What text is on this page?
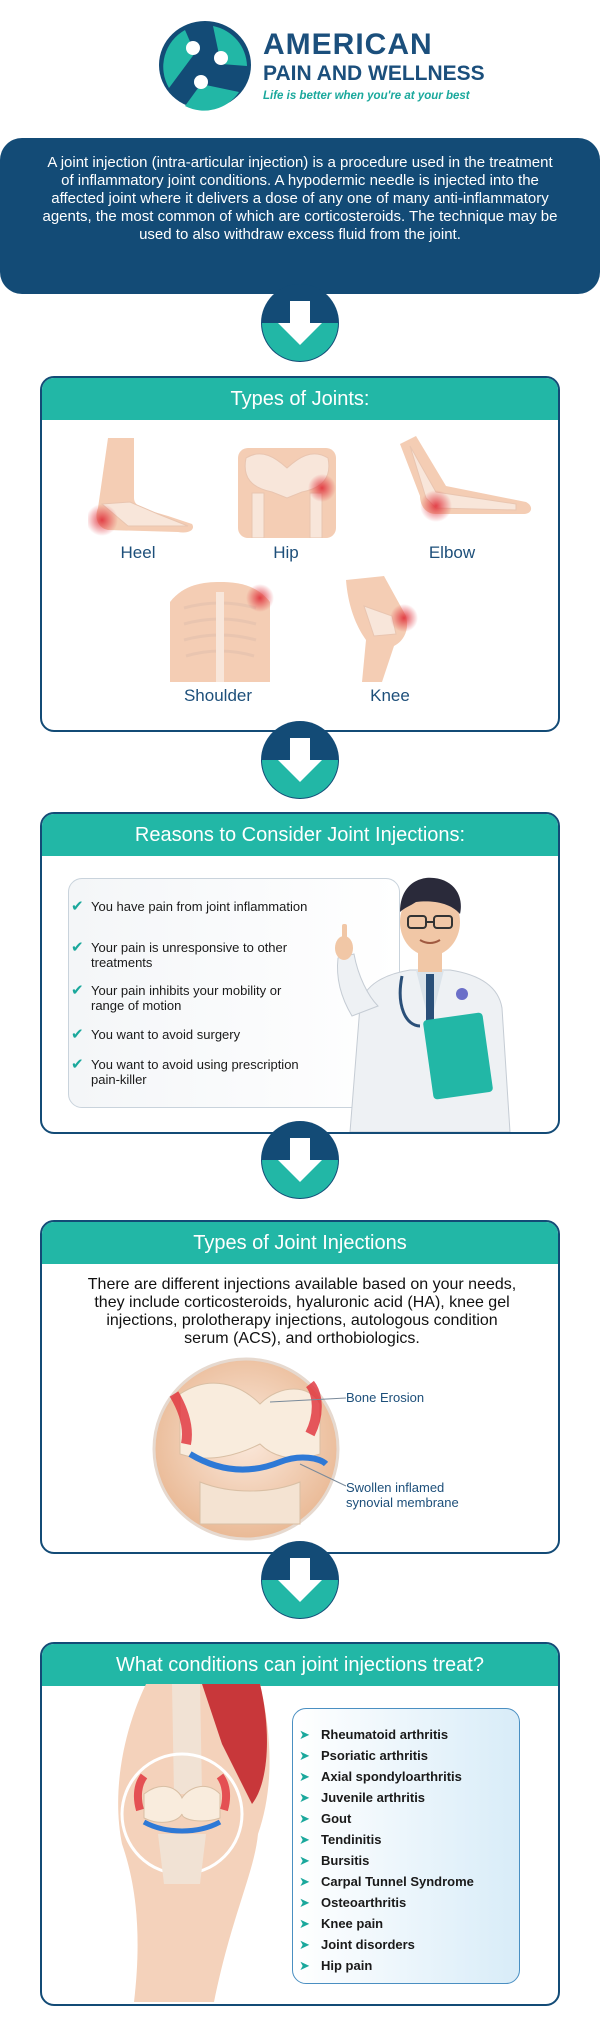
AMERICAN
PAIN AND WELLNESS
Life is better when you're at your best

A joint injection (intra-articular injection) is a procedure used in the treatment of inflammatory joint conditions. A hypodermic needle is injected into the affected joint where it delivers a dose of any one of many anti-inflammatory agents, the most common of which are corticosteroids. The technique may be used to also withdraw excess fluid from the joint.

Types of Joints:
Heel	Hip	Elbow
Shoulder	Knee
Reasons to Consider Joint Injections:
✔ You have pain from joint inflammation
✔ Your pain is unresponsive to other treatments
✔ Your pain inhibits your mobility or range of motion
✔ You want to avoid surgery
✔ You want to avoid using prescription pain-killer
Types of Joint Injections
There are different injections available based on your needs, they include corticosteroids, hyaluronic acid (HA), knee gel injections, prolotherapy injections, autologous condition serum (ACS), and orthobiologics.
Bone Erosion
Swollen inflamed synovial membrane
What conditions can joint injections treat?
➤ Rheumatoid arthritis
➤ Psoriatic arthritis
➤ Axial spondyloarthritis
➤ Juvenile arthritis
➤ Gout
➤ Tendinitis
➤ Bursitis
➤ Carpal Tunnel Syndrome
➤ Osteoarthritis
➤ Knee pain
➤ Joint disorders
➤ Hip pain
